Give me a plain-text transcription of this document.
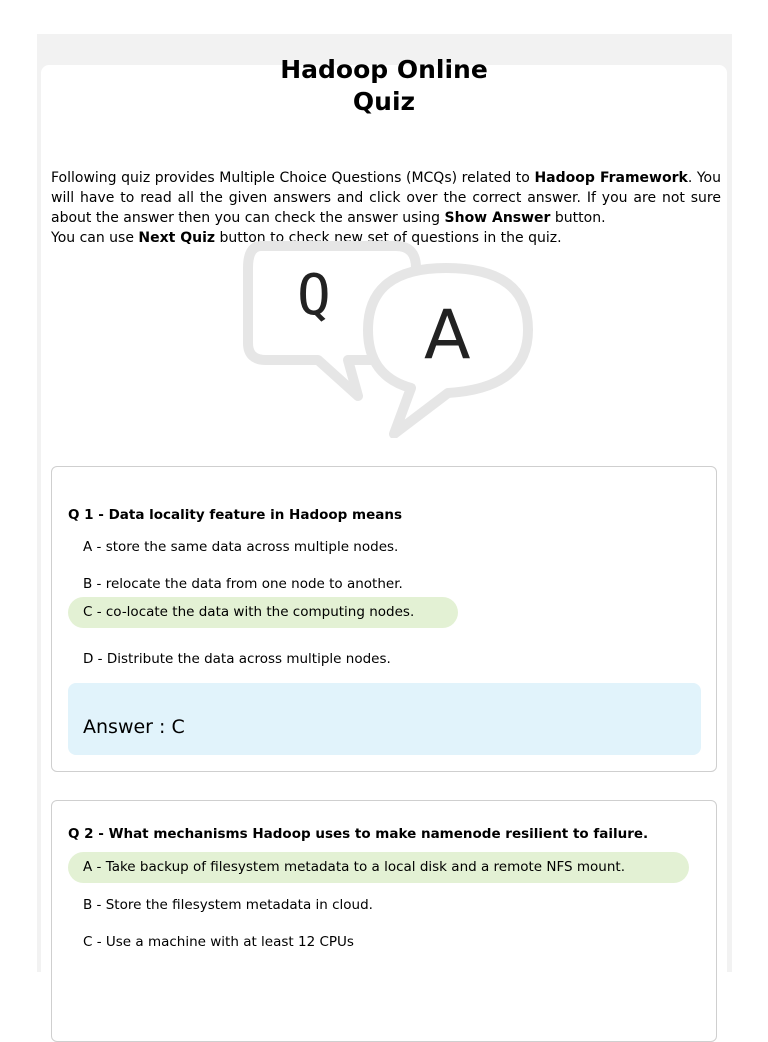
Hadoop Online
Quiz

Following quiz provides Multiple Choice Questions (MCQs) related to Hadoop Framework. You will have to read all the given answers and click over the correct answer. If you are not sure about the answer then you can check the answer using Show Answer button.

You can use Next Quiz button to check new set of questions in the quiz.

Q
A
Q 1 - Data locality feature in Hadoop means
A - store the same data across multiple nodes.
B - relocate the data from one node to another.
C - co-locate the data with the computing nodes.
D - Distribute the data across multiple nodes.
Answer : C
Q 2 - What mechanisms Hadoop uses to make namenode resilient to failure.
A - Take backup of filesystem metadata to a local disk and a remote NFS mount.
B - Store the filesystem metadata in cloud.
C - Use a machine with at least 12 CPUs
